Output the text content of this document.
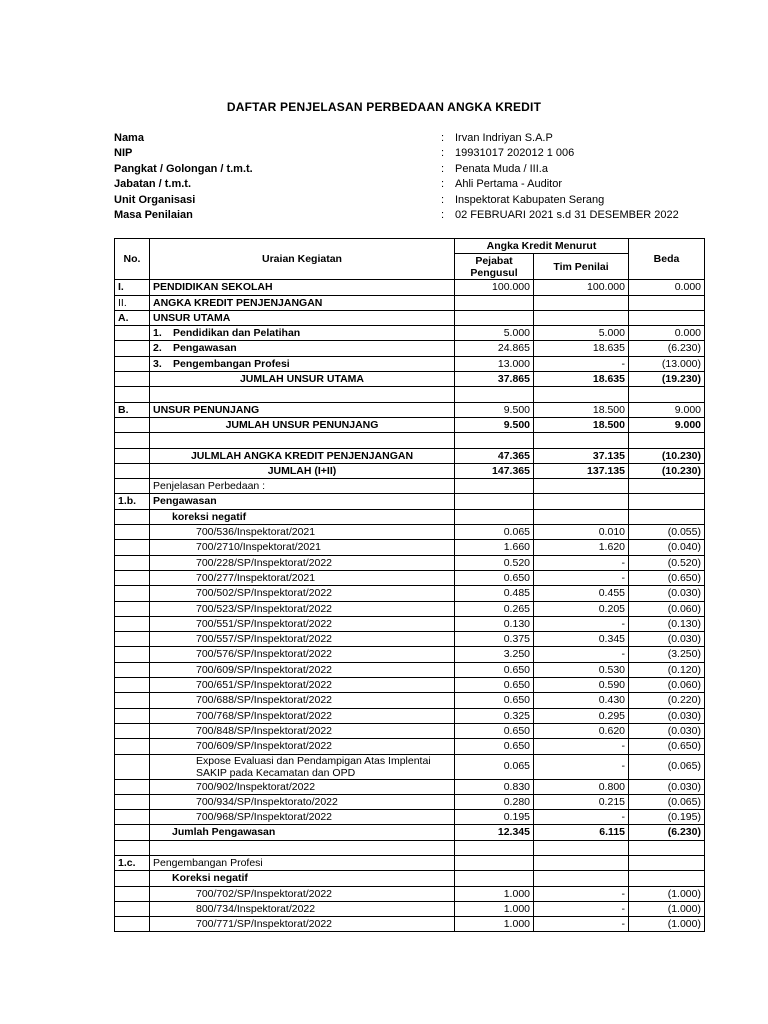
DAFTAR PENJELASAN PERBEDAAN ANGKA KREDIT
Nama	: Irvan Indriyan S.A.P
NIP	: 19931017 202012 1 006
Pangkat / Golongan / t.m.t.	: Penata Muda / III.a
Jabatan / t.m.t.	: Ahli Pertama - Auditor
Unit Organisasi	: Inspektorat Kabupaten Serang
Masa Penilaian	: 02 FEBRUARI 2021 s.d 31 DESEMBER 2022
No.	Uraian Kegiatan	Angka Kredit Menurut		Beda
		Pejabat Pengusul	Tim Penilai	
I.	PENDIDIKAN SEKOLAH	100.000	100.000	0.000
II.	ANGKA KREDIT PENJENJANGAN			
A.	UNSUR UTAMA			
	1. Pendidikan dan Pelatihan	5.000	5.000	0.000
	2. Pengawasan	24.865	18.635	(6.230)
	3. Pengembangan Profesi	13.000	-	(13.000)
	JUMLAH UNSUR UTAMA	37.865	18.635	(19.230)

B.	UNSUR PENUNJANG	9.500	18.500	9.000
	JUMLAH UNSUR PENUNJANG	9.500	18.500	9.000

	JULMLAH ANGKA KREDIT PENJENJANGAN	47.365	37.135	(10.230)
	JUMLAH (I+II)	147.365	137.135	(10.230)
	Penjelasan Perbedaan :			
1.b.	Pengawasan			
	koreksi negatif			
	700/536/Inspektorat/2021	0.065	0.010	(0.055)
	700/2710/Inspektorat/2021	1.660	1.620	(0.040)
	700/228/SP/Inspektorat/2022	0.520	-	(0.520)
	700/277/Inspektorat/2021	0.650	-	(0.650)
	700/502/SP/Inspektorat/2022	0.485	0.455	(0.030)
	700/523/SP/Inspektorat/2022	0.265	0.205	(0.060)
	700/551/SP/Inspektorat/2022	0.130	-	(0.130)
	700/557/SP/Inspektorat/2022	0.375	0.345	(0.030)
	700/576/SP/Inspektorat/2022	3.250	-	(3.250)
	700/609/SP/Inspektorat/2022	0.650	0.530	(0.120)
	700/651/SP/Inspektorat/2022	0.650	0.590	(0.060)
	700/688/SP/Inspektorat/2022	0.650	0.430	(0.220)
	700/768/SP/Inspektorat/2022	0.325	0.295	(0.030)
	700/848/SP/Inspektorat/2022	0.650	0.620	(0.030)
	700/609/SP/Inspektorat/2022	0.650	-	(0.650)
	Expose Evaluasi dan Pendampigan Atas Implentai SAKIP pada Kecamatan dan OPD	0.065	-	(0.065)
	700/902/Inspektorat/2022	0.830	0.800	(0.030)
	700/934/SP/Inspektorato/2022	0.280	0.215	(0.065)
	700/968/SP/Inspektorat/2022	0.195	-	(0.195)
	Jumlah Pengawasan	12.345	6.115	(6.230)

1.c.	Pengembangan Profesi			
	Koreksi negatif			
	700/702/SP/Inspektorat/2022	1.000	-	(1.000)
	800/734/Inspektorat/2022	1.000	-	(1.000)
	700/771/SP/Inspektorat/2022	1.000	-	(1.000)
